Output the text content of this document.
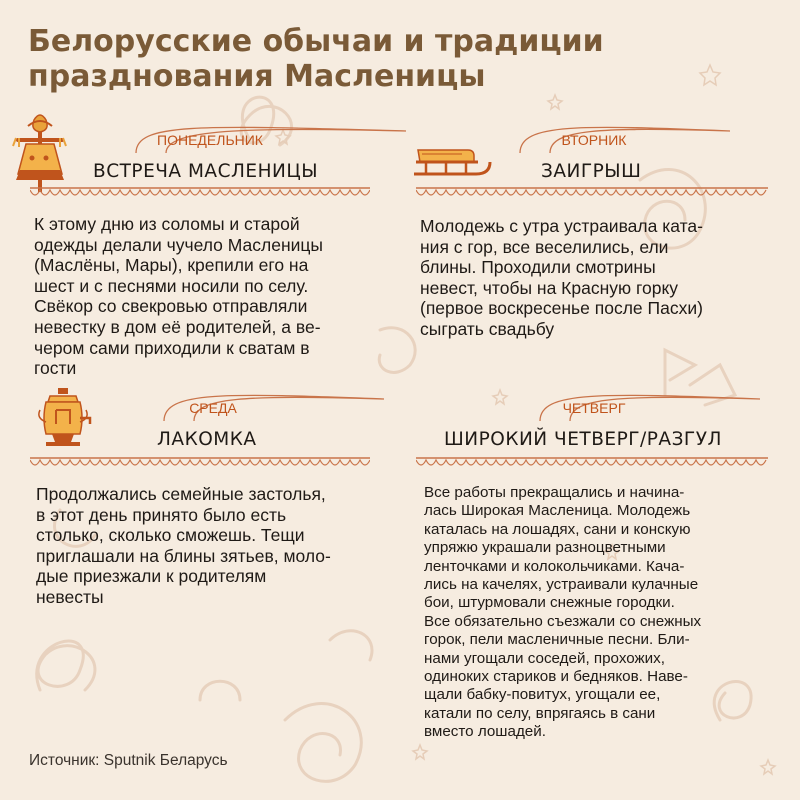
Белорусские обычаи и традиции
празднования Масленицы
ПОНЕДЕЛЬНИК
ВСТРЕЧА МАСЛЕНИЦЫ
К этому дню из соломы и старой
одежды делали чучело Масленицы
(Маслёны, Мары), крепили его на
шест и с песнями носили по селу.
Свёкор со свекровью отправляли
невестку в дом её родителей, а ве-
чером сами приходили к сватам в
гости
ВТОРНИК
ЗАИГРЫШ
Молодежь с утра устраивала ката-
ния с гор, все веселились, ели
блины. Проходили смотрины
невест, чтобы на Красную горку
(первое воскресенье после Пасхи)
сыграть свадьбу
СРЕДА
ЛАКОМКА
Продолжались семейные застолья,
в этот день принято было есть
столько, сколько сможешь. Тещи
приглашали на блины зятьев, моло-
дые приезжали к родителям
невесты
ЧЕТВЕРГ
ШИРОКИЙ ЧЕТВЕРГ/РАЗГУЛ
Все работы прекращались и начина-
лась Широкая Масленица. Молодежь
каталась на лошадях, сани и конскую
упряжю украшали разноцветными
ленточками и колокольчиками. Кача-
лись на качелях, устраивали кулачные
бои, штурмовали снежные городки.
Все обязательно съезжали со снежных
горок, пели масленичные песни. Бли-
нами угощали соседей, прохожих,
одиноких стариков и бедняков. Наве-
щали бабку-повитух, угощали ее,
катали по селу, впрягаясь в сани
вместо лошадей.
Источник: Sputnik Беларусь
